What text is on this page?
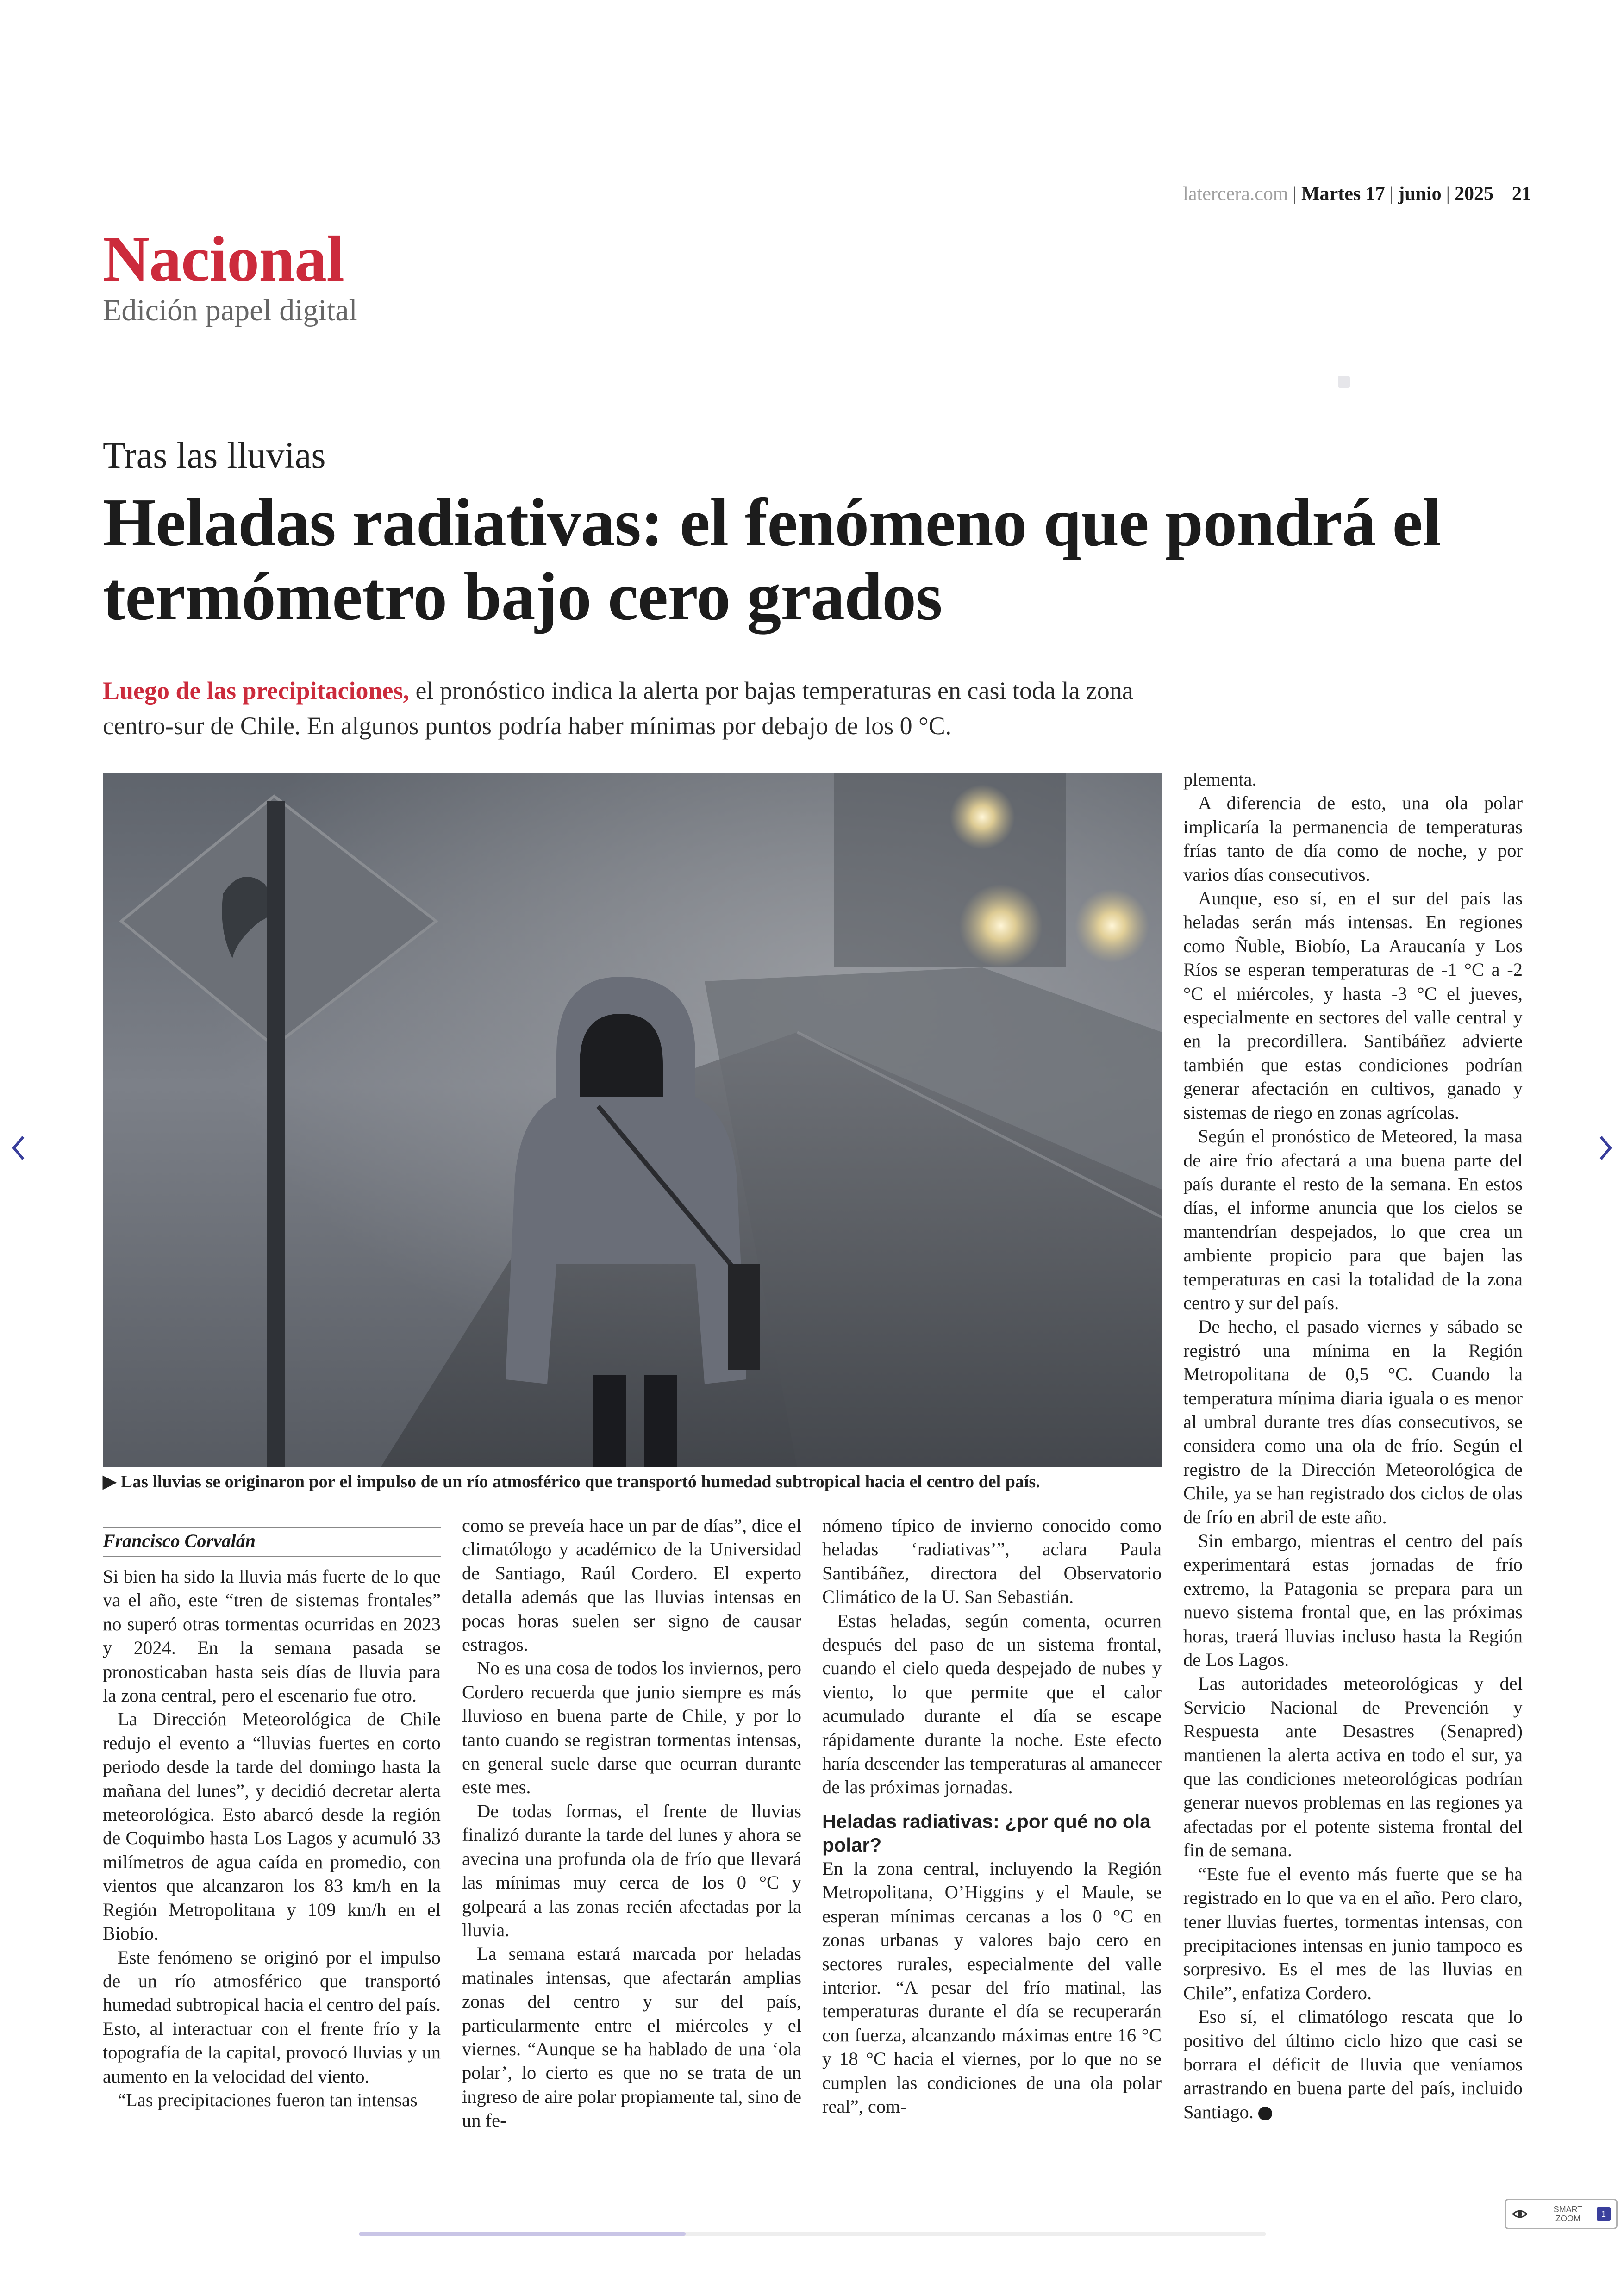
latercera.com | Martes 17 | junio | 2025 21
Nacional
Edición papel digital
Tras las lluvias
Heladas radiativas: el fenómeno que pondrá el termómetro bajo cero grados
Luego de las precipitaciones, el pronóstico indica la alerta por bajas temperaturas en casi toda la zona centro-sur de Chile. En algunos puntos podría haber mínimas por debajo de los 0 °C.
▶ Las lluvias se originaron por el impulso de un río atmosférico que transportó humedad subtropical hacia el centro del país.
Francisco Corvalán

Si bien ha sido la lluvia más fuerte de lo que va el año, este “tren de sistemas frontales” no superó otras tormentas ocurridas en 2023 y 2024. En la semana pasada se pronosticaban hasta seis días de lluvia para la zona central, pero el escenario fue otro.

La Dirección Meteorológica de Chile redujo el evento a “lluvias fuertes en corto periodo desde la tarde del domingo hasta la mañana del lunes”, y decidió decretar alerta meteorológica. Esto abarcó desde la región de Coquimbo hasta Los Lagos y acumuló 33 milímetros de agua caída en promedio, con vientos que alcanzaron los 83 km/h en la Región Metropolitana y 109 km/h en el Biobío.

Este fenómeno se originó por el impulso de un río atmosférico que transportó humedad subtropical hacia el centro del país. Esto, al interactuar con el frente frío y la topografía de la capital, provocó lluvias y un aumento en la velocidad del viento.

“Las precipitaciones fueron tan intensas

como se preveía hace un par de días”, dice el climatólogo y académico de la Universidad de Santiago, Raúl Cordero. El experto detalla además que las lluvias intensas en pocas horas suelen ser signo de causar estragos.

No es una cosa de todos los inviernos, pero Cordero recuerda que junio siempre es más lluvioso en buena parte de Chile, y por lo tanto cuando se registran tormentas intensas, en general suele darse que ocurran durante este mes.

De todas formas, el frente de lluvias finalizó durante la tarde del lunes y ahora se avecina una profunda ola de frío que llevará las mínimas muy cerca de los 0 °C y golpeará a las zonas recién afectadas por la lluvia.

La semana estará marcada por heladas matinales intensas, que afectarán amplias zonas del centro y sur del país, particularmente entre el miércoles y el viernes. “Aunque se ha hablado de una ‘ola polar’, lo cierto es que no se trata de un ingreso de aire polar propiamente tal, sino de un fe-

nómeno típico de invierno conocido como heladas ‘radiativas’”, aclara Paula Santibáñez, directora del Observatorio Climático de la U. San Sebastián.

Estas heladas, según comenta, ocurren después del paso de un sistema frontal, cuando el cielo queda despejado de nubes y viento, lo que permite que el calor acumulado durante el día se escape rápidamente durante la noche. Este efecto haría descender las temperaturas al amanecer de las próximas jornadas.

Heladas radiativas: ¿por qué no ola polar?

En la zona central, incluyendo la Región Metropolitana, O’Higgins y el Maule, se esperan mínimas cercanas a los 0 °C en zonas urbanas y valores bajo cero en sectores rurales, especialmente del valle interior. “A pesar del frío matinal, las temperaturas durante el día se recuperarán con fuerza, alcanzando máximas entre 16 °C y 18 °C hacia el viernes, por lo que no se cumplen las condiciones de una ola polar real”, com-

plementa.

A diferencia de esto, una ola polar implicaría la permanencia de temperaturas frías tanto de día como de noche, y por varios días consecutivos.

Aunque, eso sí, en el sur del país las heladas serán más intensas. En regiones como Ñuble, Biobío, La Araucanía y Los Ríos se esperan temperaturas de -1 °C a -2 °C el miércoles, y hasta -3 °C el jueves, especialmente en sectores del valle central y en la precordillera. Santibáñez advierte también que estas condiciones podrían generar afectación en cultivos, ganado y sistemas de riego en zonas agrícolas.

Según el pronóstico de Meteored, la masa de aire frío afectará a una buena parte del país durante el resto de la semana. En estos días, el informe anuncia que los cielos se mantendrían despejados, lo que crea un ambiente propicio para que bajen las temperaturas en casi la totalidad de la zona centro y sur del país.

De hecho, el pasado viernes y sábado se registró una mínima en la Región Metropolitana de 0,5 °C. Cuando la temperatura mínima diaria iguala o es menor al umbral durante tres días consecutivos, se considera como una ola de frío. Según el registro de la Dirección Meteorológica de Chile, ya se han registrado dos ciclos de olas de frío en abril de este año.

Sin embargo, mientras el centro del país experimentará estas jornadas de frío extremo, la Patagonia se prepara para un nuevo sistema frontal que, en las próximas horas, traerá lluvias incluso hasta la Región de Los Lagos.

Las autoridades meteorológicas y del Servicio Nacional de Prevención y Respuesta ante Desastres (Senapred) mantienen la alerta activa en todo el sur, ya que las condiciones meteorológicas podrían generar nuevos problemas en las regiones ya afectadas por el potente sistema frontal del fin de semana.

“Este fue el evento más fuerte que se ha registrado en lo que va en el año. Pero claro, tener lluvias fuertes, tormentas intensas, con precipitaciones intensas en junio tampoco es sorpresivo. Es el mes de las lluvias en Chile”, enfatiza Cordero.

Eso sí, el climatólogo rescata que lo positivo del último ciclo hizo que casi se borrara el déficit de lluvia que veníamos arrastrando en buena parte del país, incluido Santiago.

SMART
ZOOM	1
